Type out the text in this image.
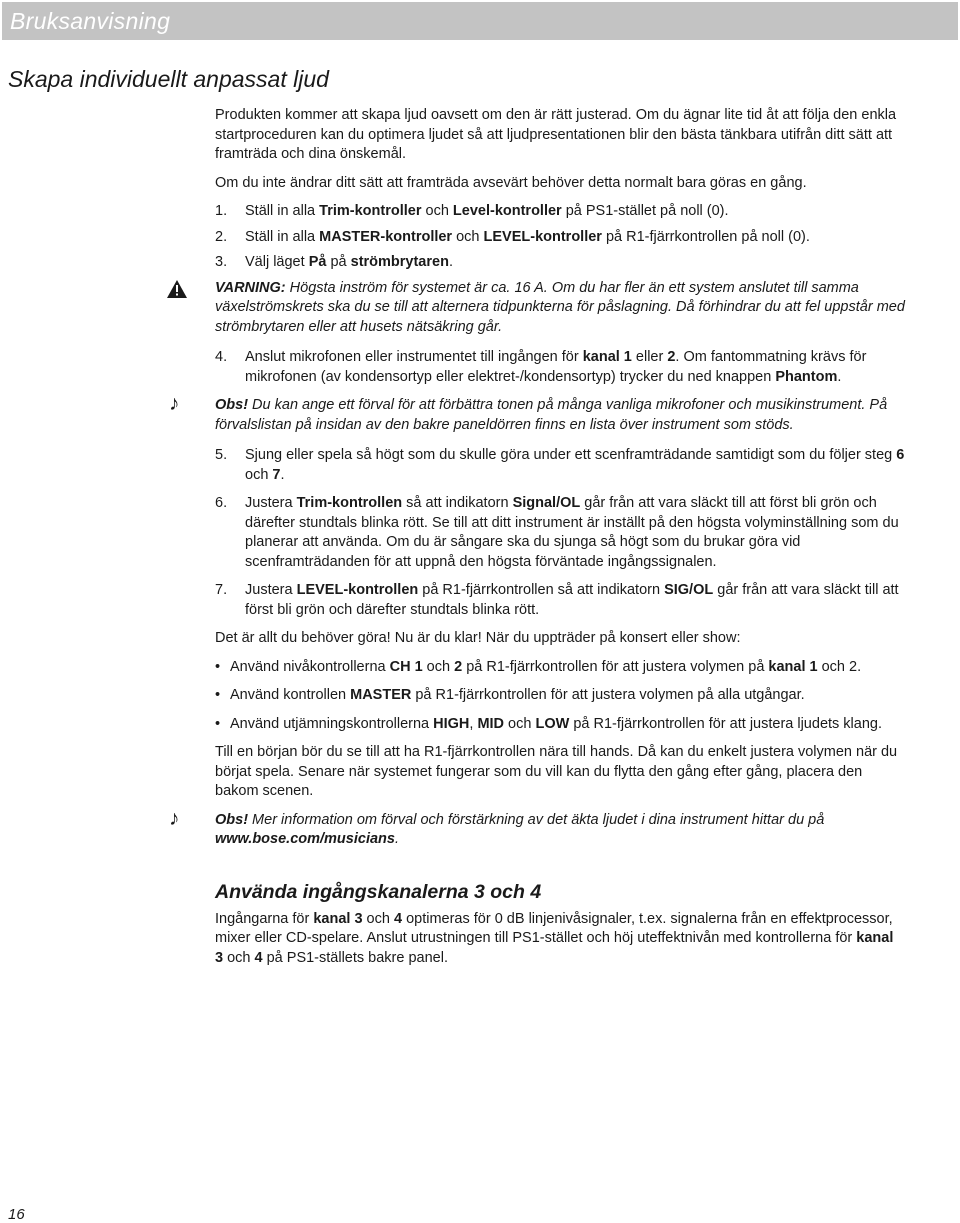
Bruksanvisning
Skapa individuellt anpassat ljud

Produkten kommer att skapa ljud oavsett om den är rätt justerad. Om du ägnar lite tid åt att följa den enkla startproceduren kan du optimera ljudet så att ljudpresentationen blir den bästa tänkbara utifrån ditt sätt att framträda och dina önskemål.

Om du inte ändrar ditt sätt att framträda avsevärt behöver detta normalt bara göras en gång.

1.	Ställ in alla Trim-kontroller och Level-kontroller på PS1-stället på noll (0).
2.	Ställ in alla MASTER-kontroller och LEVEL-kontroller på R1-fjärrkontrollen på noll (0).
3.	Välj läget På på strömbrytaren.
VARNING: Högsta inström för systemet är ca. 16 A. Om du har fler än ett system anslutet till samma växelströmskrets ska du se till att alternera tidpunkterna för påslagning. Då förhindrar du att fel uppstår med strömbrytaren eller att husets nätsäkring går.
4.	Anslut mikrofonen eller instrumentet till ingången för kanal 1 eller 2. Om fantommatning krävs för mikrofonen (av kondensortyp eller elektret-/kondensortyp) trycker du ned knappen Phantom.
♪ Obs! Du kan ange ett förval för att förbättra tonen på många vanliga mikrofoner och musikinstrument. På förvalslistan på insidan av den bakre paneldörren finns en lista över instrument som stöds.
5.	Sjung eller spela så högt som du skulle göra under ett scenframträdande samtidigt som du följer steg 6 och 7.
6.	Justera Trim-kontrollen så att indikatorn Signal/OL går från att vara släckt till att först bli grön och därefter stundtals blinka rött. Se till att ditt instrument är inställt på den högsta volyminställning som du planerar att använda. Om du är sångare ska du sjunga så högt som du brukar göra vid scenframträdanden för att uppnå den högsta förväntade ingångssignalen.
7.	Justera LEVEL-kontrollen på R1-fjärrkontrollen så att indikatorn SIG/OL går från att vara släckt till att först bli grön och därefter stundtals blinka rött.

Det är allt du behöver göra! Nu är du klar! När du uppträder på konsert eller show:

• Använd nivåkontrollerna CH 1 och 2 på R1-fjärrkontrollen för att justera volymen på kanal 1 och 2.
• Använd kontrollen MASTER på R1-fjärrkontrollen för att justera volymen på alla utgångar.
• Använd utjämningskontrollerna HIGH, MID och LOW på R1-fjärrkontrollen för att justera ljudets klang.

Till en början bör du se till att ha R1-fjärrkontrollen nära till hands. Då kan du enkelt justera volymen när du börjat spela. Senare när systemet fungerar som du vill kan du flytta den gång efter gång, placera den bakom scenen.

♪ Obs! Mer information om förval och förstärkning av det äkta ljudet i dina instrument hittar du på www.bose.com/musicians.
Använda ingångskanalerna 3 och 4

Ingångarna för kanal 3 och 4 optimeras för 0 dB linjenivåsignaler, t.ex. signalerna från en effektprocessor, mixer eller CD-spelare. Anslut utrustningen till PS1-stället och höj uteffektnivån med kontrollerna för kanal 3 och 4 på PS1-ställets bakre panel.

16
